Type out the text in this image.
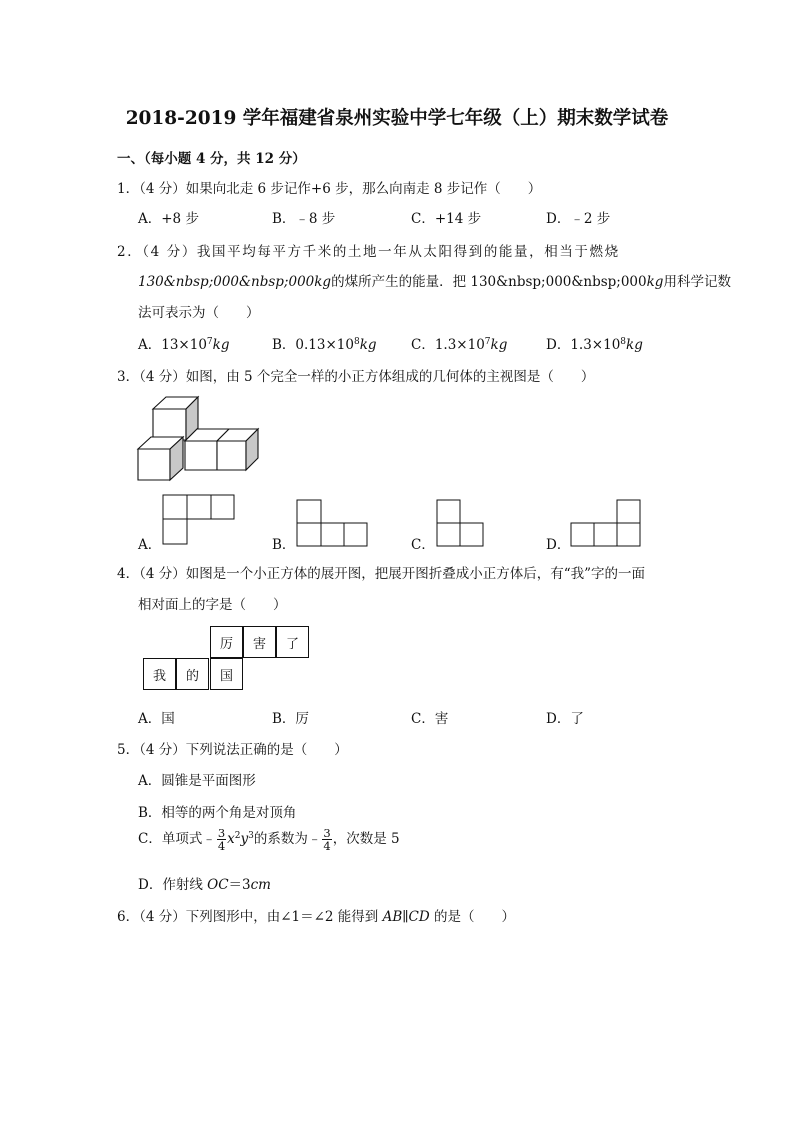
2018-2019 学年福建省泉州实验中学七年级（上）期末数学试卷
一、（每小题 4 分，共 12 分）
1．（4 分）如果向北走 6 步记作+6 步，那么向南走 8 步记作（　　）
A．+8 步	B．﹣8 步	C．+14 步	D．﹣2 步
2．（4 分）我国平均每平方千米的土地一年从太阳得到的能量，相当于燃烧
130&nbsp;000&nbsp;000kg的煤所产生的能量．把 130&nbsp;000&nbsp;000kg用科学记数
法可表示为（　　）
A．$13\times 10^7kg$	B．$0.13\times 10^8kg$	C．$1.3\times 10^7kg$	D．$1.3\times 10^8kg$
3．（4 分）如图，由 5 个完全一样的小正方体组成的几何体的主视图是（　　）
A．	B．	C．	D．
4．（4 分）如图是一个小正方体的展开图，把展开图折叠成小正方体后，有“我”字的一面
相对面上的字是（　　）
厉	害	了
我	的	国
A．国	B．厉	C．害	D．了
5．（4 分）下列说法正确的是（　　）
A．圆锥是平面图形
B．相等的两个角是对顶角
C．单项式﹣ $\frac{3}{4} x^2y^3$的系数为﹣ $\frac{3}{4}$ ，次数是 5
D．作射线 OC＝3cm
6．（4 分）下列图形中，由∠1＝∠2 能得到 AB∥CD 的是（　　）
